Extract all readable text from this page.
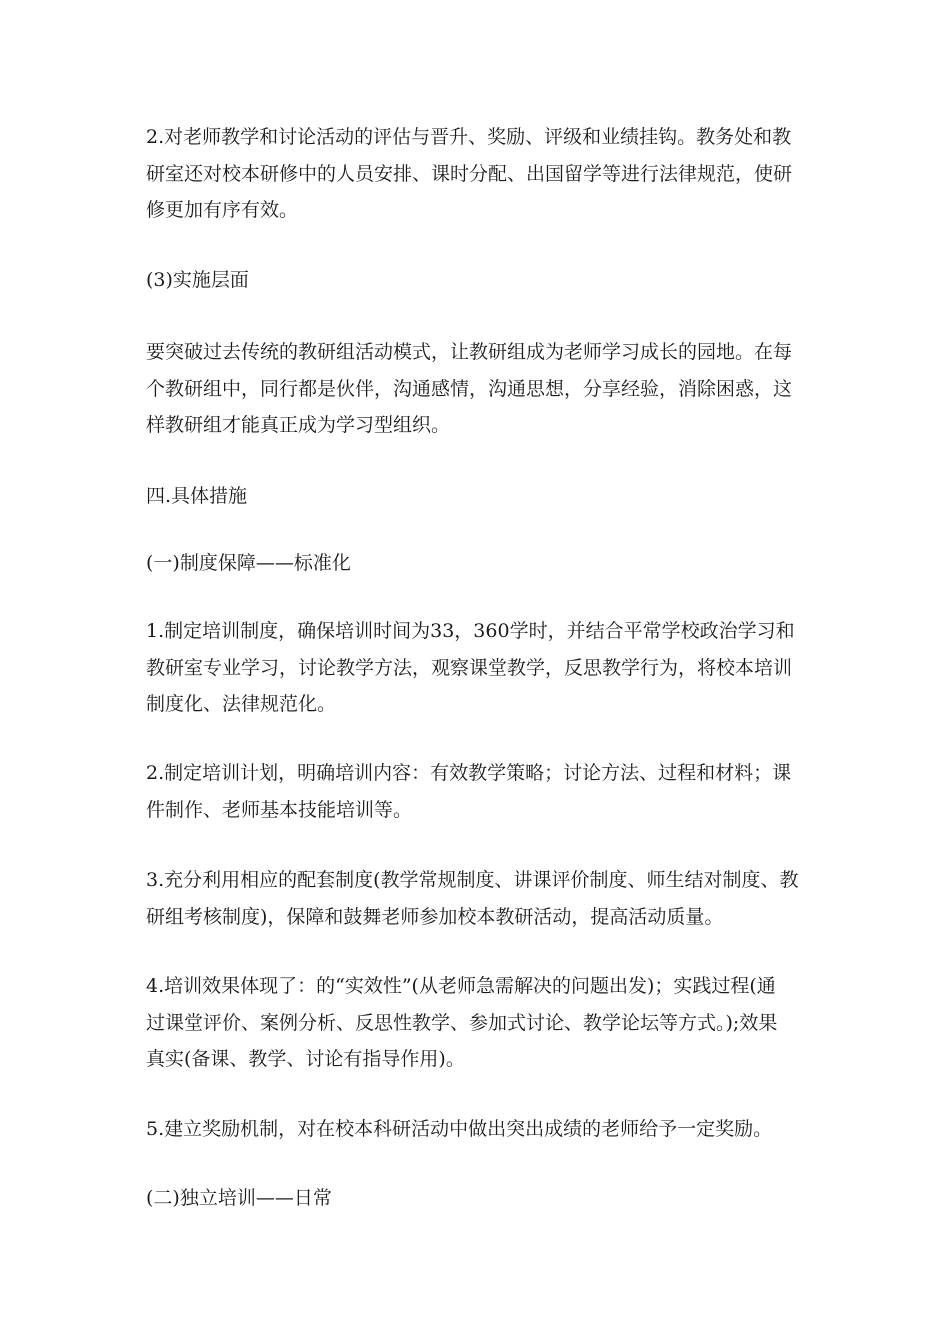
2.对老师教学和讨论活动的评估与晋升、奖励、评级和业绩挂钩。教务处和教
研室还对校本研修中的人员安排、课时分配、出国留学等进行法律规范，使研
修更加有序有效。

(3)实施层面

要突破过去传统的教研组活动模式，让教研组成为老师学习成长的园地。在每
个教研组中，同行都是伙伴，沟通感情，沟通思想，分享经验，消除困惑，这
样教研组才能真正成为学习型组织。

四.具体措施

(一)制度保障——标准化

1.制定培训制度，确保培训时间为33，360学时，并结合平常学校政治学习和
教研室专业学习，讨论教学方法，观察课堂教学，反思教学行为，将校本培训
制度化、法律规范化。

2.制定培训计划，明确培训内容：有效教学策略；讨论方法、过程和材料；课
件制作、老师基本技能培训等。

3.充分利用相应的配套制度(教学常规制度、讲课评价制度、师生结对制度、教
研组考核制度)，保障和鼓舞老师参加校本教研活动，提高活动质量。

4.培训效果体现了：的“实效性”(从老师急需解决的问题出发)；实践过程(通
过课堂评价、案例分析、反思性教学、参加式讨论、教学论坛等方式。);效果
真实(备课、教学、讨论有指导作用)。

5.建立奖励机制，对在校本科研活动中做出突出成绩的老师给予一定奖励。

(二)独立培训——日常
